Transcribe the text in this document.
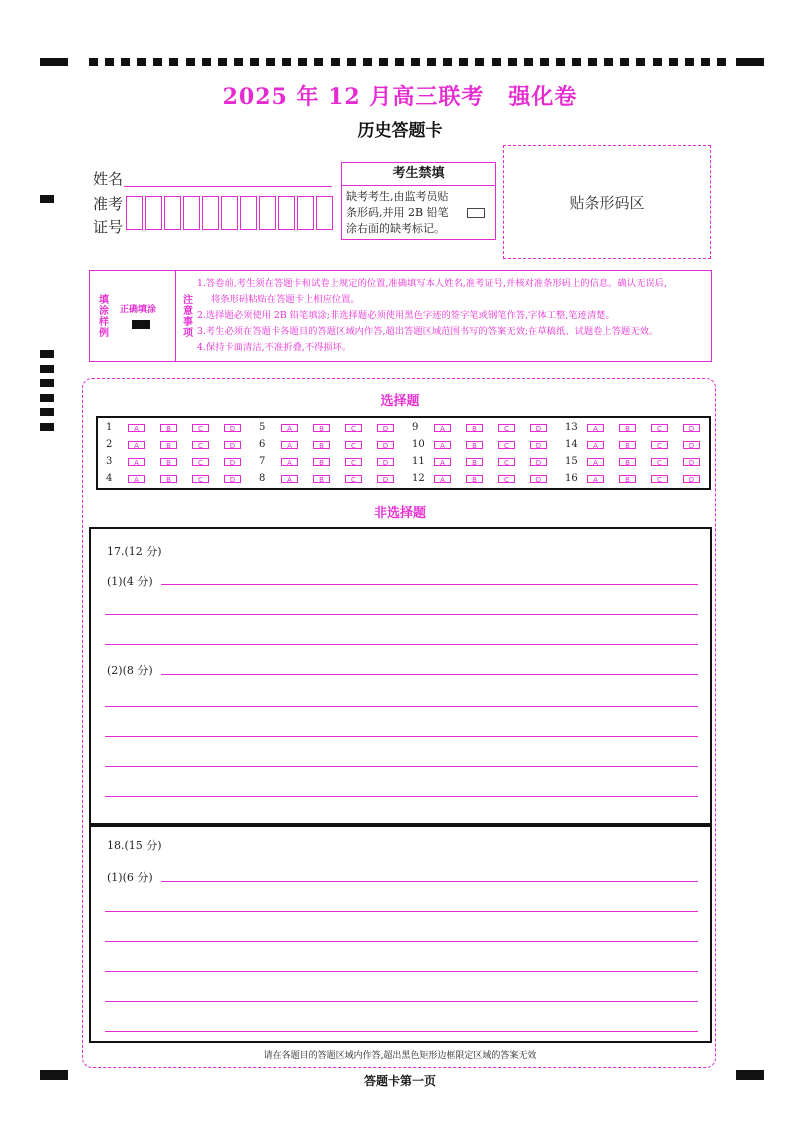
2025 年 12 月高三联考 强化卷
历史答题卡
姓名
准考
证号
考生禁填
缺考考生,由监考员贴
条形码,并用 2B 铅笔
涂右面的缺考标记。
贴条形码区
填
涂
样
例
正确填涂
注
意
事
项
1.答卷前,考生须在答题卡和试卷上规定的位置,准确填写本人姓名,准考证号,并核对准条形码上的信息。确认无误后,
将条形码粘贴在答题卡上相应位置。
2.选择题必须使用 2B 铅笔填涂;非选择题必须使用黑色字迹的签字笔或钢笔作答,字体工整,笔迹清楚。
3.考生必须在答题卡各题目的答题区域内作答,超出答题区域范围书写的答案无效;在草稿纸、试题卷上答题无效。
4.保持卡面清洁,不准折叠,不得损坏。
选择题
1	A	B	C	D	5	A	B	C	D	9	A	B	C	D	13	A	B	C	D
2	A	B	C	D	6	A	B	C	D	10	A	B	C	D	14	A	B	C	D
3	A	B	C	D	7	A	B	C	D	11	A	B	C	D	15	A	B	C	D
4	A	B	C	D	8	A	B	C	D	12	A	B	C	D	16	A	B	C	D
非选择题
17.(12 分)
(1)(4 分)
(2)(8 分)
18.(15 分)
(1)(6 分)
请在各题目的答题区域内作答,超出黑色矩形边框限定区域的答案无效
答题卡第一页
